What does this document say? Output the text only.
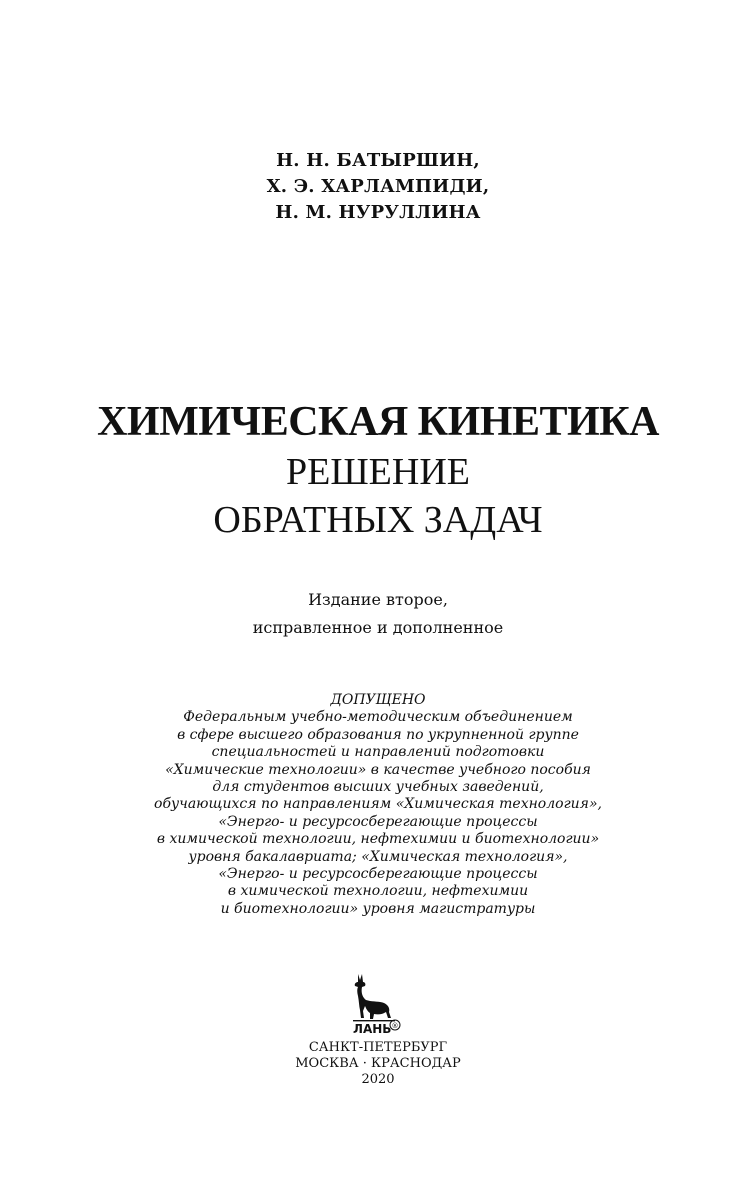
Н. Н. БАТЫРШИН,
Х. Э. ХАРЛАМПИДИ,
Н. М. НУРУЛЛИНА
ХИМИЧЕСКАЯ КИНЕТИКА
РЕШЕНИЕ
ОБРАТНЫХ ЗАДАЧ
Издание второе,
исправленное и дополненное
ДОПУЩЕНО
Федеральным учебно-методическим объединением
в сфере высшего образования по укрупненной группе
специальностей и направлений подготовки
«Химические технологии» в качестве учебного пособия
для студентов высших учебных заведений,
обучающихся по направлениям «Химическая технология»,
«Энерго- и ресурсосберегающие процессы
в химической технологии, нефтехимии и биотехнологии»
уровня бакалавриата; «Химическая технология»,
«Энерго- и ресурсосберегающие процессы
в химической технологии, нефтехимии
и биотехнологии» уровня магистратуры
ЛАНЬ ®
САНКТ-ПЕТЕРБУРГ
МОСКВА · КРАСНОДАР
2020
